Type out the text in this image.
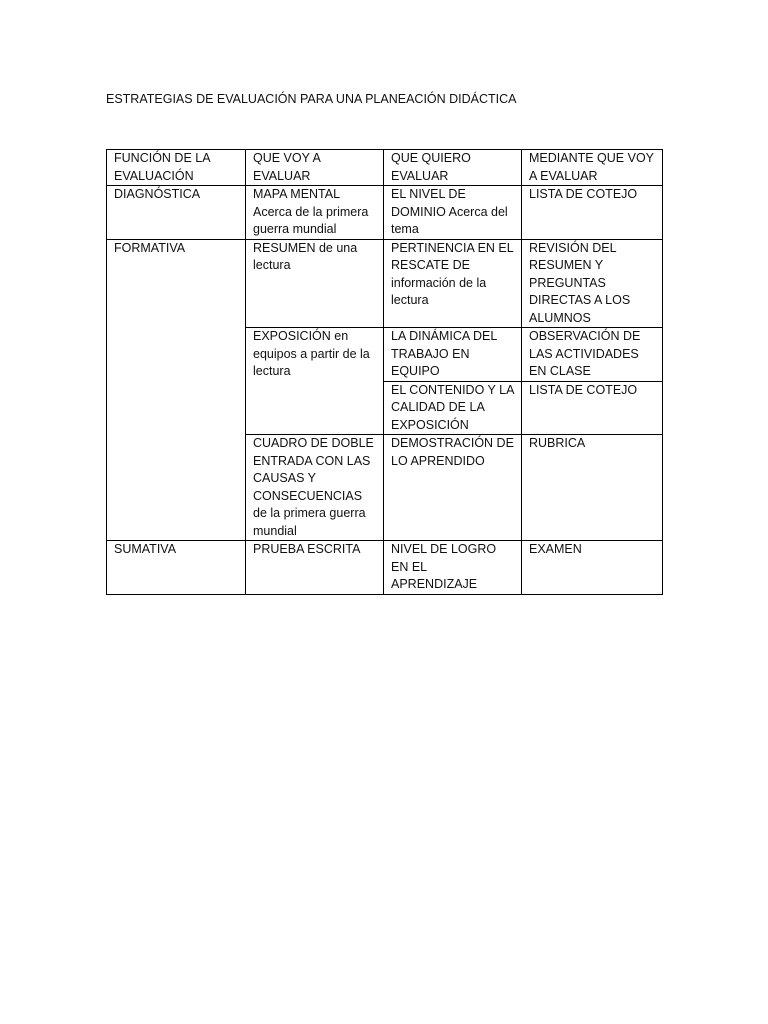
ESTRATEGIAS DE EVALUACIÓN PARA UNA PLANEACIÓN DIDÁCTICA
FUNCIÓN DE LA EVALUACIÓN	QUE VOY A EVALUAR	QUE QUIERO EVALUAR	MEDIANTE QUE VOY A EVALUAR
DIAGNÓSTICA	MAPA MENTAL Acerca de la primera guerra mundial	EL NIVEL DE DOMINIO Acerca del tema	LISTA DE COTEJO
FORMATIVA	RESUMEN de una lectura	PERTINENCIA EN EL RESCATE DE información de la lectura	REVISIÓN DEL RESUMEN Y PREGUNTAS DIRECTAS A LOS ALUMNOS
	EXPOSICIÓN en equipos a partir de la lectura	LA DINÁMICA DEL TRABAJO EN EQUIPO	OBSERVACIÓN DE LAS ACTIVIDADES EN CLASE
		EL CONTENIDO Y LA CALIDAD DE LA EXPOSICIÓN	LISTA DE COTEJO
	CUADRO DE DOBLE ENTRADA CON LAS CAUSAS Y CONSECUENCIAS de la primera guerra mundial	DEMOSTRACIÓN DE LO APRENDIDO	RUBRICA
SUMATIVA	PRUEBA ESCRITA	NIVEL DE LOGRO EN EL APRENDIZAJE	EXAMEN
